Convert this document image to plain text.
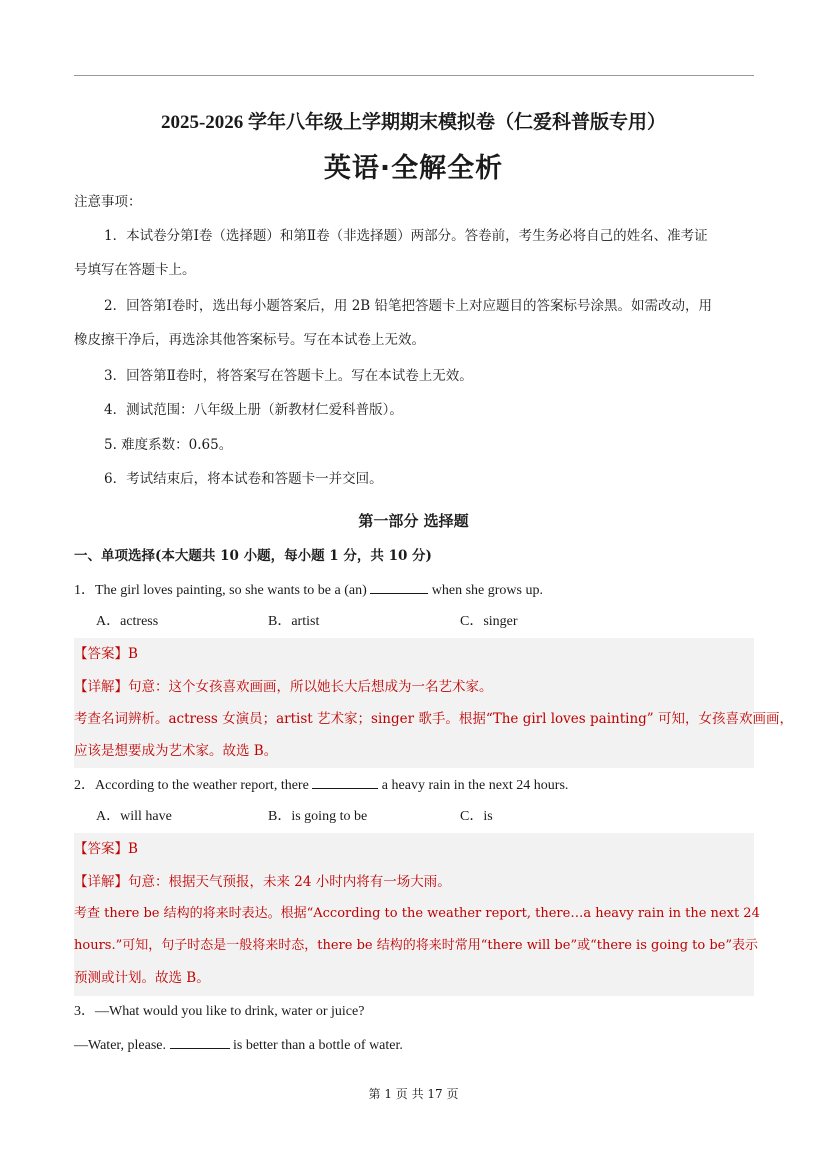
2025-2026 学年八年级上学期期末模拟卷（仁爱科普版专用）
英语·全解全析
注意事项：
1．本试卷分第Ⅰ卷（选择题）和第Ⅱ卷（非选择题）两部分。答卷前，考生务必将自己的姓名、准考证
号填写在答题卡上。
2．回答第Ⅰ卷时，选出每小题答案后，用 2B 铅笔把答题卡上对应题目的答案标号涂黑。如需改动，用
橡皮擦干净后，再选涂其他答案标号。写在本试卷上无效。
3．回答第Ⅱ卷时，将答案写在答题卡上。写在本试卷上无效。
4．测试范围：八年级上册（新教材仁爱科普版）。
5. 难度系数：0.65。
6．考试结束后，将本试卷和答题卡一并交回。
第一部分 选择题
一、单项选择(本大题共 10 小题，每小题 1 分，共 10 分)
1．The girl loves painting, so she wants to be a (an)	when she grows up.
A．actress	B．artist	C．singer
【答案】B
【详解】句意：这个女孩喜欢画画，所以她长大后想成为一名艺术家。
考查名词辨析。actress 女演员；artist 艺术家；singer 歌手。根据“The girl loves painting” 可知，女孩喜欢画画，
应该是想要成为艺术家。故选 B。
2．According to the weather report, there	a heavy rain in the next 24 hours.
A．will have	B．is going to be	C．is
【答案】B
【详解】句意：根据天气预报，未来 24 小时内将有一场大雨。
考查 there be 结构的将来时表达。根据“According to the weather report, there…a heavy rain in the next 24
hours.”可知，句子时态是一般将来时态，there be 结构的将来时常用“there will be”或“there is going to be”表示
预测或计划。故选 B。
3．—What would you like to drink, water or juice?
—Water, please.	is better than a bottle of water.
第 1 页 共 17 页
